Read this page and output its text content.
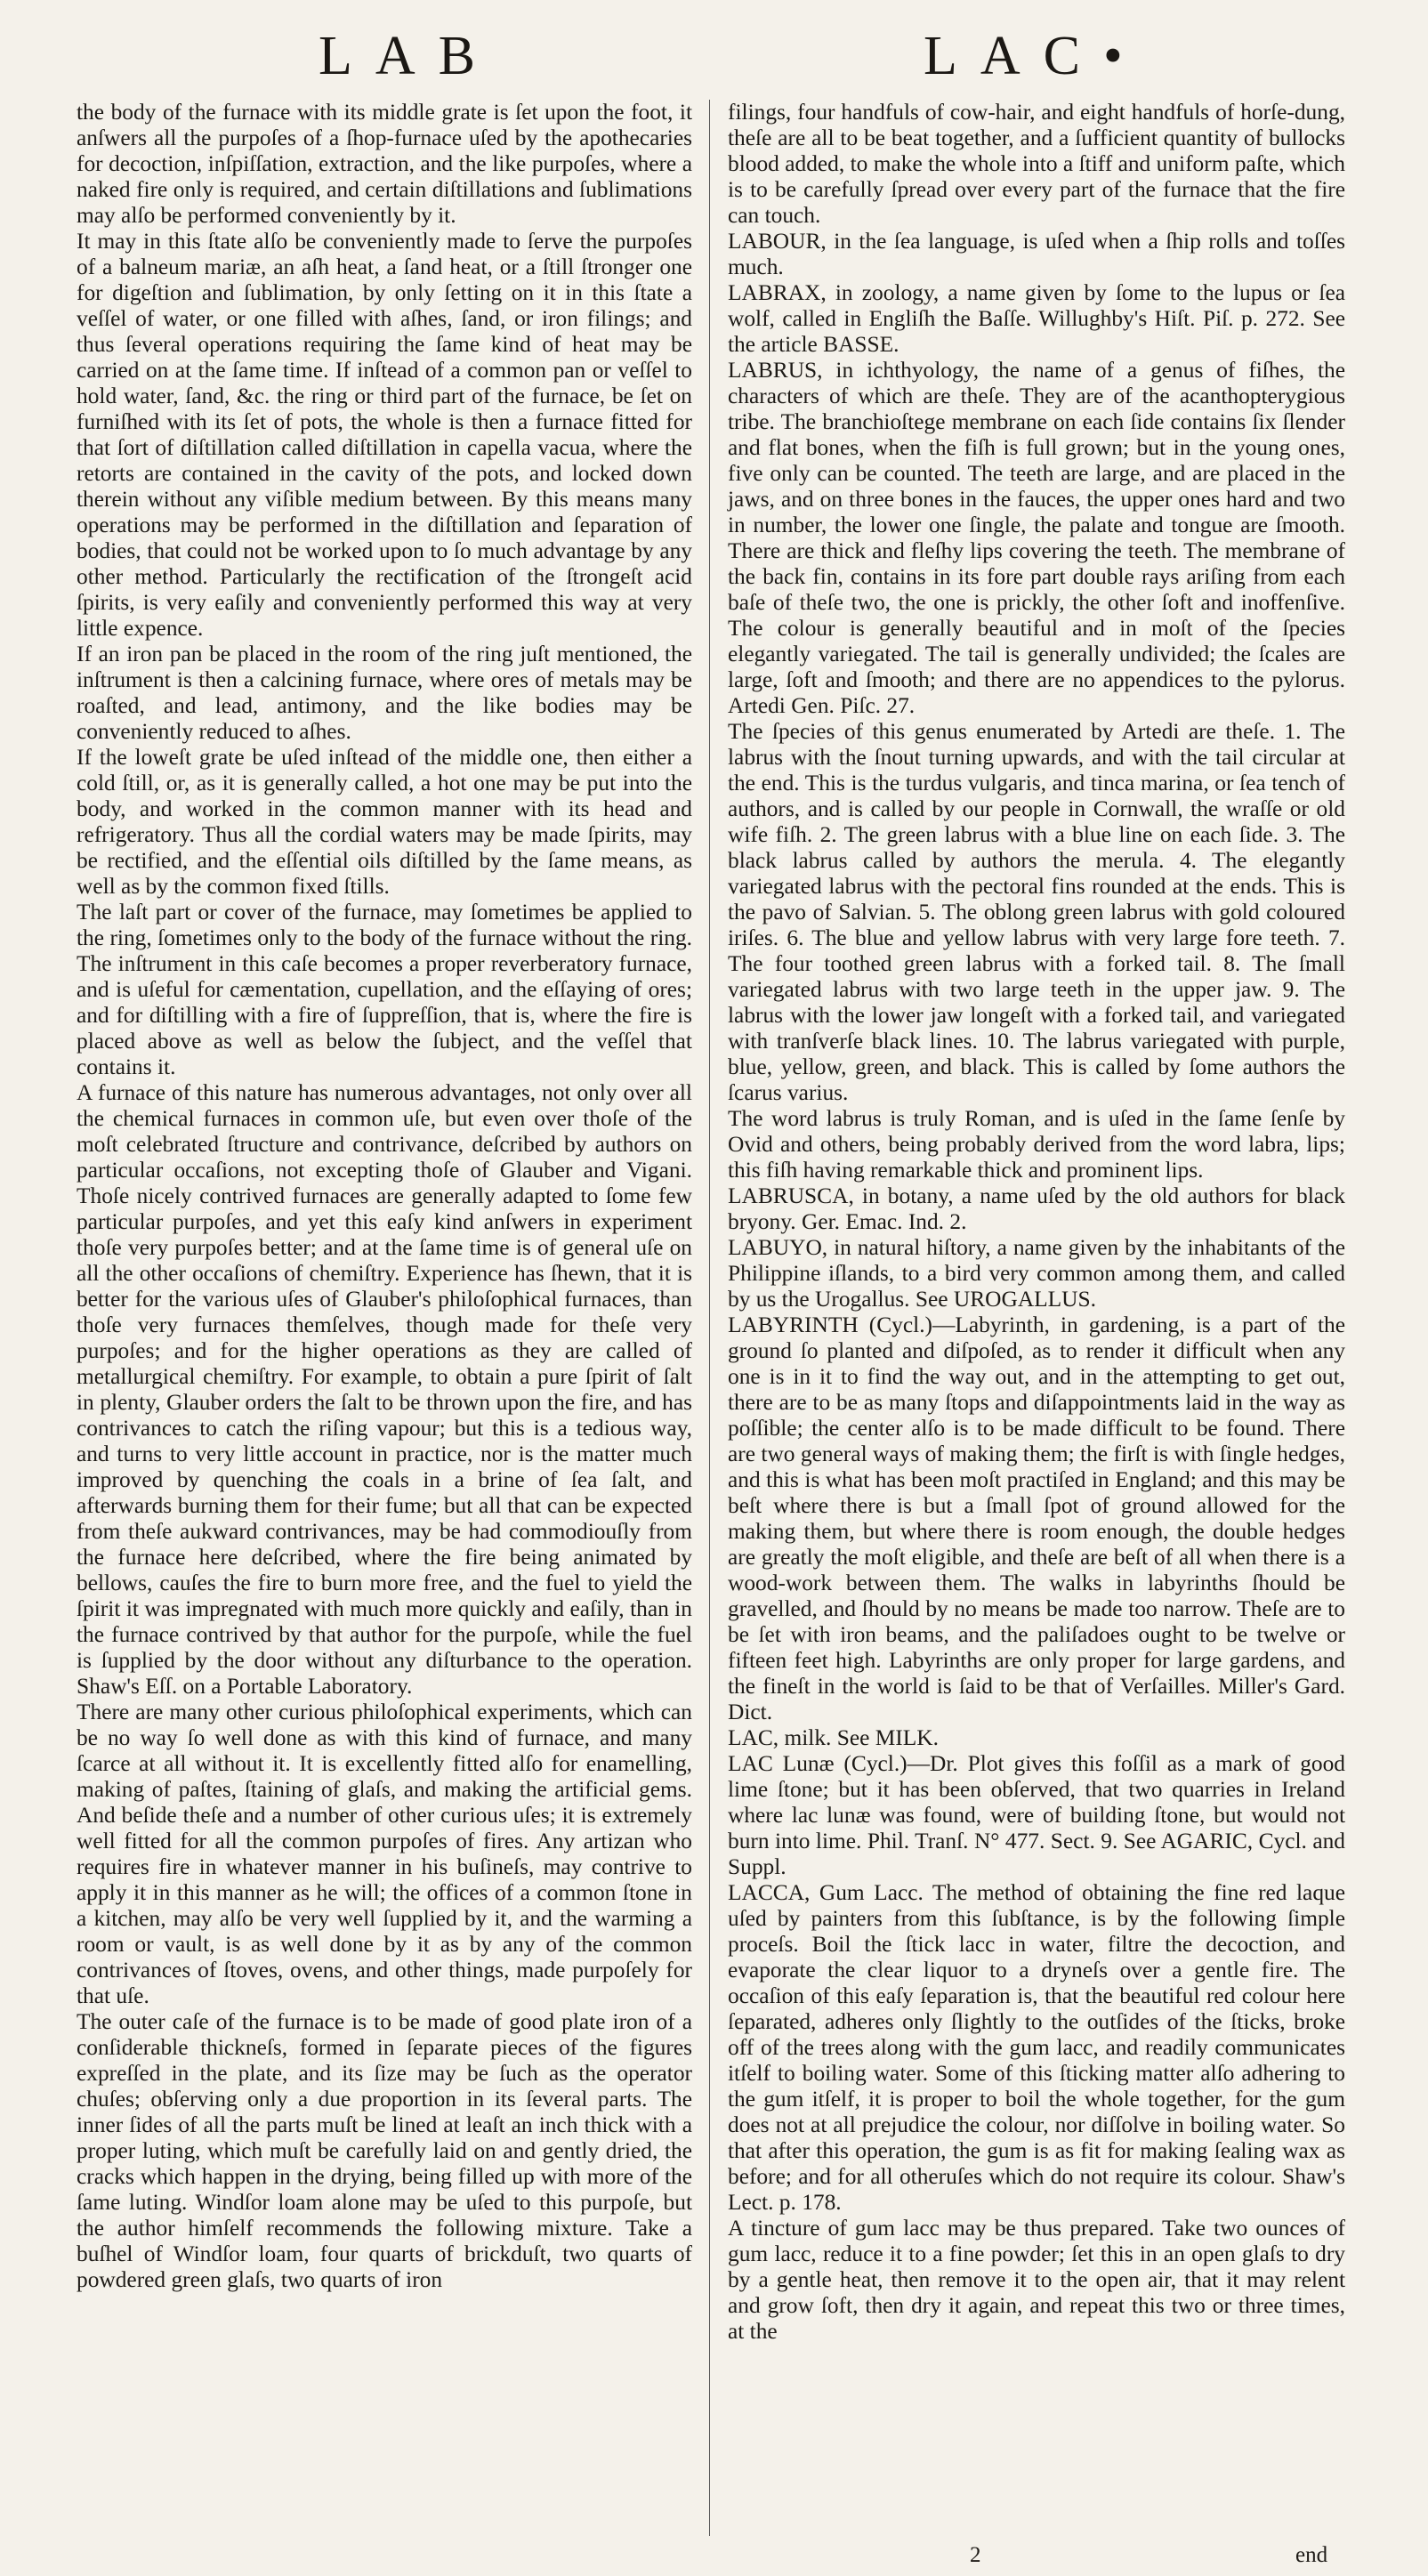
LAB	LAC•

the body of the furnace with its middle grate is ſet upon the foot, it anſwers all the purpoſes of a ſhop-furnace uſed by the apothecaries for decoction, inſpiſſation, extraction, and the like purpoſes, where a naked fire only is required, and certain diſtillations and ſublimations may alſo be performed conveniently by it.

It may in this ſtate alſo be conveniently made to ſerve the purpoſes of a balneum mariæ, an aſh heat, a ſand heat, or a ſtill ſtronger one for digeſtion and ſublimation, by only ſetting on it in this ſtate a veſſel of water, or one filled with aſhes, ſand, or iron filings; and thus ſeveral operations requiring the ſame kind of heat may be carried on at the ſame time. If inſtead of a common pan or veſſel to hold water, ſand, &c. the ring or third part of the furnace, be ſet on furniſhed with its ſet of pots, the whole is then a furnace fitted for that ſort of diſtillation called diſtillation in capella vacua, where the retorts are contained in the cavity of the pots, and locked down therein without any viſible medium between. By this means many operations may be performed in the diſtillation and ſeparation of bodies, that could not be worked upon to ſo much advantage by any other method. Particularly the rectification of the ſtrongeſt acid ſpirits, is very eaſily and conveniently performed this way at very little expence.

If an iron pan be placed in the room of the ring juſt mentioned, the inſtrument is then a calcining furnace, where ores of metals may be roaſted, and lead, antimony, and the like bodies may be conveniently reduced to aſhes.

If the loweſt grate be uſed inſtead of the middle one, then either a cold ſtill, or, as it is generally called, a hot one may be put into the body, and worked in the common manner with its head and refrigeratory. Thus all the cordial waters may be made ſpirits, may be rectified, and the eſſential oils diſtilled by the ſame means, as well as by the common fixed ſtills.

The laſt part or cover of the furnace, may ſometimes be applied to the ring, ſometimes only to the body of the furnace without the ring. The inſtrument in this caſe becomes a proper reverberatory furnace, and is uſeful for cæmentation, cupellation, and the eſſaying of ores; and for diſtilling with a fire of ſuppreſſion, that is, where the fire is placed above as well as below the ſubject, and the veſſel that contains it.

A furnace of this nature has numerous advantages, not only over all the chemical furnaces in common uſe, but even over thoſe of the moſt celebrated ſtructure and contrivance, deſcribed by authors on particular occaſions, not excepting thoſe of Glauber and Vigani. Thoſe nicely contrived furnaces are generally adapted to ſome few particular purpoſes, and yet this eaſy kind anſwers in experiment thoſe very purpoſes better; and at the ſame time is of general uſe on all the other occaſions of chemiſtry. Experience has ſhewn, that it is better for the various uſes of Glauber's philoſophical furnaces, than thoſe very furnaces themſelves, though made for theſe very purpoſes; and for the higher operations as they are called of metallurgical chemiſtry. For example, to obtain a pure ſpirit of ſalt in plenty, Glauber orders the ſalt to be thrown upon the fire, and has contrivances to catch the riſing vapour; but this is a tedious way, and turns to very little account in practice, nor is the matter much improved by quenching the coals in a brine of ſea ſalt, and afterwards burning them for their fume; but all that can be expected from theſe aukward contrivances, may be had commodiouſly from the furnace here deſcribed, where the fire being animated by bellows, cauſes the fire to burn more free, and the fuel to yield the ſpirit it was impregnated with much more quickly and eaſily, than in the furnace contrived by that author for the purpoſe, while the fuel is ſupplied by the door without any diſturbance to the operation. Shaw's Eſſ. on a Portable Laboratory.

There are many other curious philoſophical experiments, which can be no way ſo well done as with this kind of furnace, and many ſcarce at all without it. It is excellently fitted alſo for enamelling, making of paſtes, ſtaining of glaſs, and making the artificial gems. And beſide theſe and a number of other curious uſes; it is extremely well fitted for all the common purpoſes of fires. Any artizan who requires fire in whatever manner in his buſineſs, may contrive to apply it in this manner as he will; the offices of a common ſtone in a kitchen, may alſo be very well ſupplied by it, and the warming a room or vault, is as well done by it as by any of the common contrivances of ſtoves, ovens, and other things, made purpoſely for that uſe.

The outer caſe of the furnace is to be made of good plate iron of a conſiderable thickneſs, formed in ſeparate pieces of the figures expreſſed in the plate, and its ſize may be ſuch as the operator chuſes; obſerving only a due proportion in its ſeveral parts. The inner ſides of all the parts muſt be lined at leaſt an inch thick with a proper luting, which muſt be carefully laid on and gently dried, the cracks which happen in the drying, being filled up with more of the ſame luting. Windſor loam alone may be uſed to this purpoſe, but the author himſelf recommends the following mixture. Take a buſhel of Windſor loam, four quarts of brickduſt, two quarts of powdered green glaſs, two quarts of iron

filings, four handfuls of cow-hair, and eight handfuls of horſe-dung, theſe are all to be beat together, and a ſufficient quantity of bullocks blood added, to make the whole into a ſtiff and uniform paſte, which is to be carefully ſpread over every part of the furnace that the fire can touch.

LABOUR, in the ſea language, is uſed when a ſhip rolls and toſſes much.

LABRAX, in zoology, a name given by ſome to the lupus or ſea wolf, called in Engliſh the Baſſe. Willughby's Hiſt. Piſ. p. 272. See the article BASSE.

LABRUS, in ichthyology, the name of a genus of fiſhes, the characters of which are theſe. They are of the acanthopterygious tribe. The branchioſtege membrane on each ſide contains ſix ſlender and flat bones, when the fiſh is full grown; but in the young ones, five only can be counted. The teeth are large, and are placed in the jaws, and on three bones in the fauces, the upper ones hard and two in number, the lower one ſingle, the palate and tongue are ſmooth. There are thick and fleſhy lips covering the teeth. The membrane of the back fin, contains in its fore part double rays ariſing from each baſe of theſe two, the one is prickly, the other ſoft and inoffenſive. The colour is generally beautiful and in moſt of the ſpecies elegantly variegated. The tail is generally undivided; the ſcales are large, ſoft and ſmooth; and there are no appendices to the pylorus. Artedi Gen. Piſc. 27.

The ſpecies of this genus enumerated by Artedi are theſe. 1. The labrus with the ſnout turning upwards, and with the tail circular at the end. This is the turdus vulgaris, and tinca marina, or ſea tench of authors, and is called by our people in Cornwall, the wraſſe or old wife fiſh. 2. The green labrus with a blue line on each ſide. 3. The black labrus called by authors the merula. 4. The elegantly variegated labrus with the pectoral fins rounded at the ends. This is the pavo of Salvian. 5. The oblong green labrus with gold coloured iriſes. 6. The blue and yellow labrus with very large fore teeth. 7. The four toothed green labrus with a forked tail. 8. The ſmall variegated labrus with two large teeth in the upper jaw. 9. The labrus with the lower jaw longeſt with a forked tail, and variegated with tranſverſe black lines. 10. The labrus variegated with purple, blue, yellow, green, and black. This is called by ſome authors the ſcarus varius.

The word labrus is truly Roman, and is uſed in the ſame ſenſe by Ovid and others, being probably derived from the word labra, lips; this fiſh having remarkable thick and prominent lips.

LABRUSCA, in botany, a name uſed by the old authors for black bryony. Ger. Emac. Ind. 2.

LABUYO, in natural hiſtory, a name given by the inhabitants of the Philippine iſlands, to a bird very common among them, and called by us the Urogallus. See UROGALLUS.

LABYRINTH (Cycl.)—Labyrinth, in gardening, is a part of the ground ſo planted and diſpoſed, as to render it difficult when any one is in it to find the way out, and in the attempting to get out, there are to be as many ſtops and diſappointments laid in the way as poſſible; the center alſo is to be made difficult to be found. There are two general ways of making them; the firſt is with ſingle hedges, and this is what has been moſt practiſed in England; and this may be beſt where there is but a ſmall ſpot of ground allowed for the making them, but where there is room enough, the double hedges are greatly the moſt eligible, and theſe are beſt of all when there is a wood-work between them. The walks in labyrinths ſhould be gravelled, and ſhould by no means be made too narrow. Theſe are to be ſet with iron beams, and the paliſadoes ought to be twelve or fifteen feet high. Labyrinths are only proper for large gardens, and the fineſt in the world is ſaid to be that of Verſailles. Miller's Gard. Dict.

LAC, milk. See MILK.

LAC Lunæ (Cycl.)—Dr. Plot gives this foſſil as a mark of good lime ſtone; but it has been obſerved, that two quarries in Ireland where lac lunæ was found, were of building ſtone, but would not burn into lime. Phil. Tranſ. N° 477. Sect. 9. See AGARIC, Cycl. and Suppl.

LACCA, Gum Lacc. The method of obtaining the fine red laque uſed by painters from this ſubſtance, is by the following ſimple proceſs. Boil the ſtick lacc in water, filtre the decoction, and evaporate the clear liquor to a dryneſs over a gentle fire. The occaſion of this eaſy ſeparation is, that the beautiful red colour here ſeparated, adheres only ſlightly to the outſides of the ſticks, broke off of the trees along with the gum lacc, and readily communicates itſelf to boiling water. Some of this ſticking matter alſo adhering to the gum itſelf, it is proper to boil the whole together, for the gum does not at all prejudice the colour, nor diſſolve in boiling water. So that after this operation, the gum is as fit for making ſealing wax as before; and for all otheruſes which do not require its colour. Shaw's Lect. p. 178.

A tincture of gum lacc may be thus prepared. Take two ounces of gum lacc, reduce it to a fine powder; ſet this in an open glaſs to dry by a gentle heat, then remove it to the open air, that it may relent and grow ſoft, then dry it again, and repeat this two or three times, at the

2	end
